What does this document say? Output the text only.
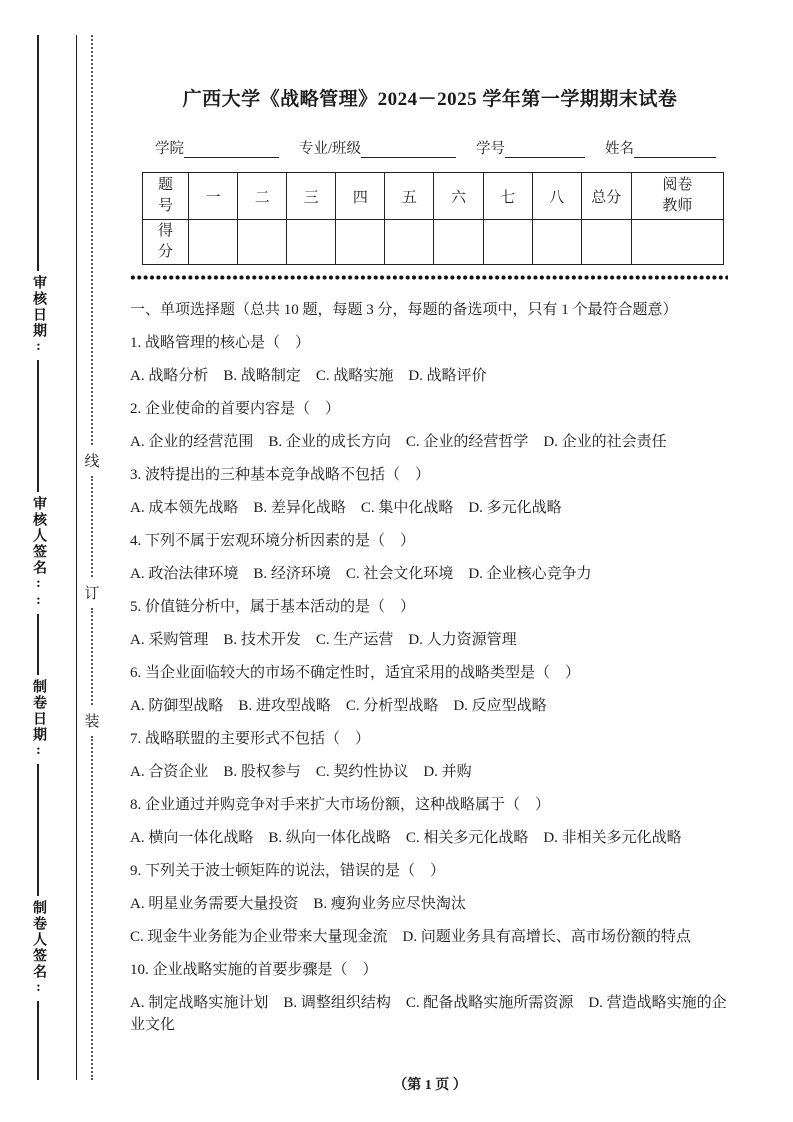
审核日期:
审核人签名::
制卷日期:
制卷人签名:
线
订
装
广西大学《战略管理》2024－2025 学年第一学期期末试卷
学院	专业/班级	学号	姓名
题号	一	二	三	四	五	六	七	八	总分	阅卷教师
得分										
一、单项选择题（总共 10 题，每题 3 分，每题的备选项中，只有 1 个最符合题意）

1. 战略管理的核心是（　）

A. 战略分析　B. 战略制定　C. 战略实施　D. 战略评价

2. 企业使命的首要内容是（　）

A. 企业的经营范围　B. 企业的成长方向　C. 企业的经营哲学　D. 企业的社会责任

3. 波特提出的三种基本竞争战略不包括（　）

A. 成本领先战略　B. 差异化战略　C. 集中化战略　D. 多元化战略

4. 下列不属于宏观环境分析因素的是（　）

A. 政治法律环境　B. 经济环境　C. 社会文化环境　D. 企业核心竞争力

5. 价值链分析中，属于基本活动的是（　）

A. 采购管理　B. 技术开发　C. 生产运营　D. 人力资源管理

6. 当企业面临较大的市场不确定性时，适宜采用的战略类型是（　）

A. 防御型战略　B. 进攻型战略　C. 分析型战略　D. 反应型战略

7. 战略联盟的主要形式不包括（　）

A. 合资企业　B. 股权参与　C. 契约性协议　D. 并购

8. 企业通过并购竞争对手来扩大市场份额，这种战略属于（　）

A. 横向一体化战略　B. 纵向一体化战略　C. 相关多元化战略　D. 非相关多元化战略

9. 下列关于波士顿矩阵的说法，错误的是（　）

A. 明星业务需要大量投资　B. 瘦狗业务应尽快淘汰

C. 现金牛业务能为企业带来大量现金流　D. 问题业务具有高增长、高市场份额的特点

10. 企业战略实施的首要步骤是（　）

A. 制定战略实施计划　B. 调整组织结构　C. 配备战略实施所需资源　D. 营造战略实施的企业文化

（第 1 页 ）
